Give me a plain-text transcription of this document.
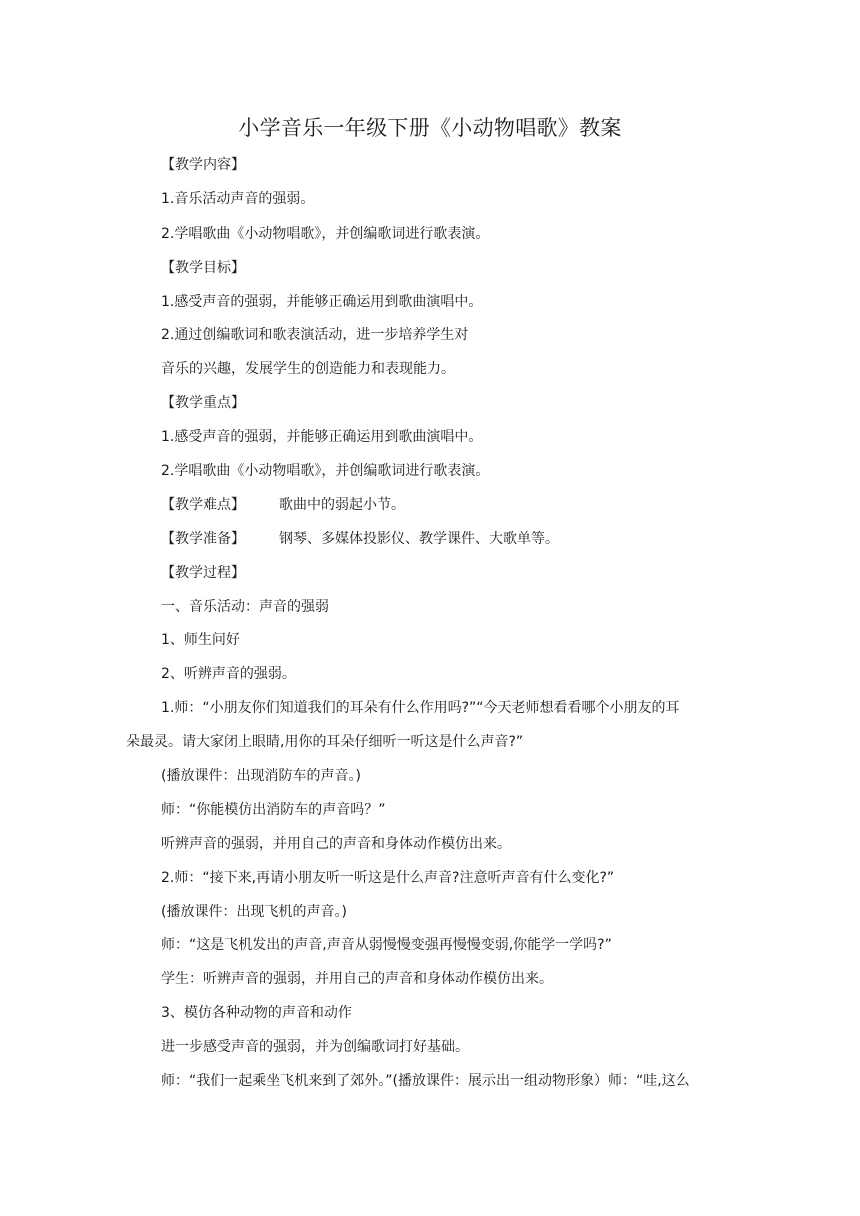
小学音乐一年级下册《小动物唱歌》教案
【教学内容】
1.音乐活动声音的强弱。
2.学唱歌曲《小动物唱歌》，并创编歌词进行歌表演。
【教学目标】
1.感受声音的强弱，并能够正确运用到歌曲演唱中。
2.通过创编歌词和歌表演活动，进一步培养学生对
音乐的兴趣，发展学生的创造能力和表现能力。
【教学重点】
1.感受声音的强弱，并能够正确运用到歌曲演唱中。
2.学唱歌曲《小动物唱歌》，并创编歌词进行歌表演。
【教学难点】 歌曲中的弱起小节。
【教学准备】 钢琴、多媒体投影仪、教学课件、大歌单等。
【教学过程】
一、音乐活动：声音的强弱
1、师生问好
2、听辨声音的强弱。
1.师：“小朋友你们知道我们的耳朵有什么作用吗?”“今天老师想看看哪个小朋友的耳
朵最灵。请大家闭上眼睛,用你的耳朵仔细听一听这是什么声音?”
(播放课件：出现消防车的声音。)
师：“你能模仿出消防车的声音吗？”
听辨声音的强弱，并用自己的声音和身体动作模仿出来。
2.师：“接下来,再请小朋友听一听这是什么声音?注意听声音有什么变化?”
(播放课件：出现飞机的声音。)
师：“这是飞机发出的声音,声音从弱慢慢变强再慢慢变弱,你能学一学吗?”
学生：听辨声音的强弱，并用自己的声音和身体动作模仿出来。
3、模仿各种动物的声音和动作
进一步感受声音的强弱，并为创编歌词打好基础。
师：“我们一起乘坐飞机来到了郊外。”(播放课件：展示出一组动物形象）师：“哇,这么
